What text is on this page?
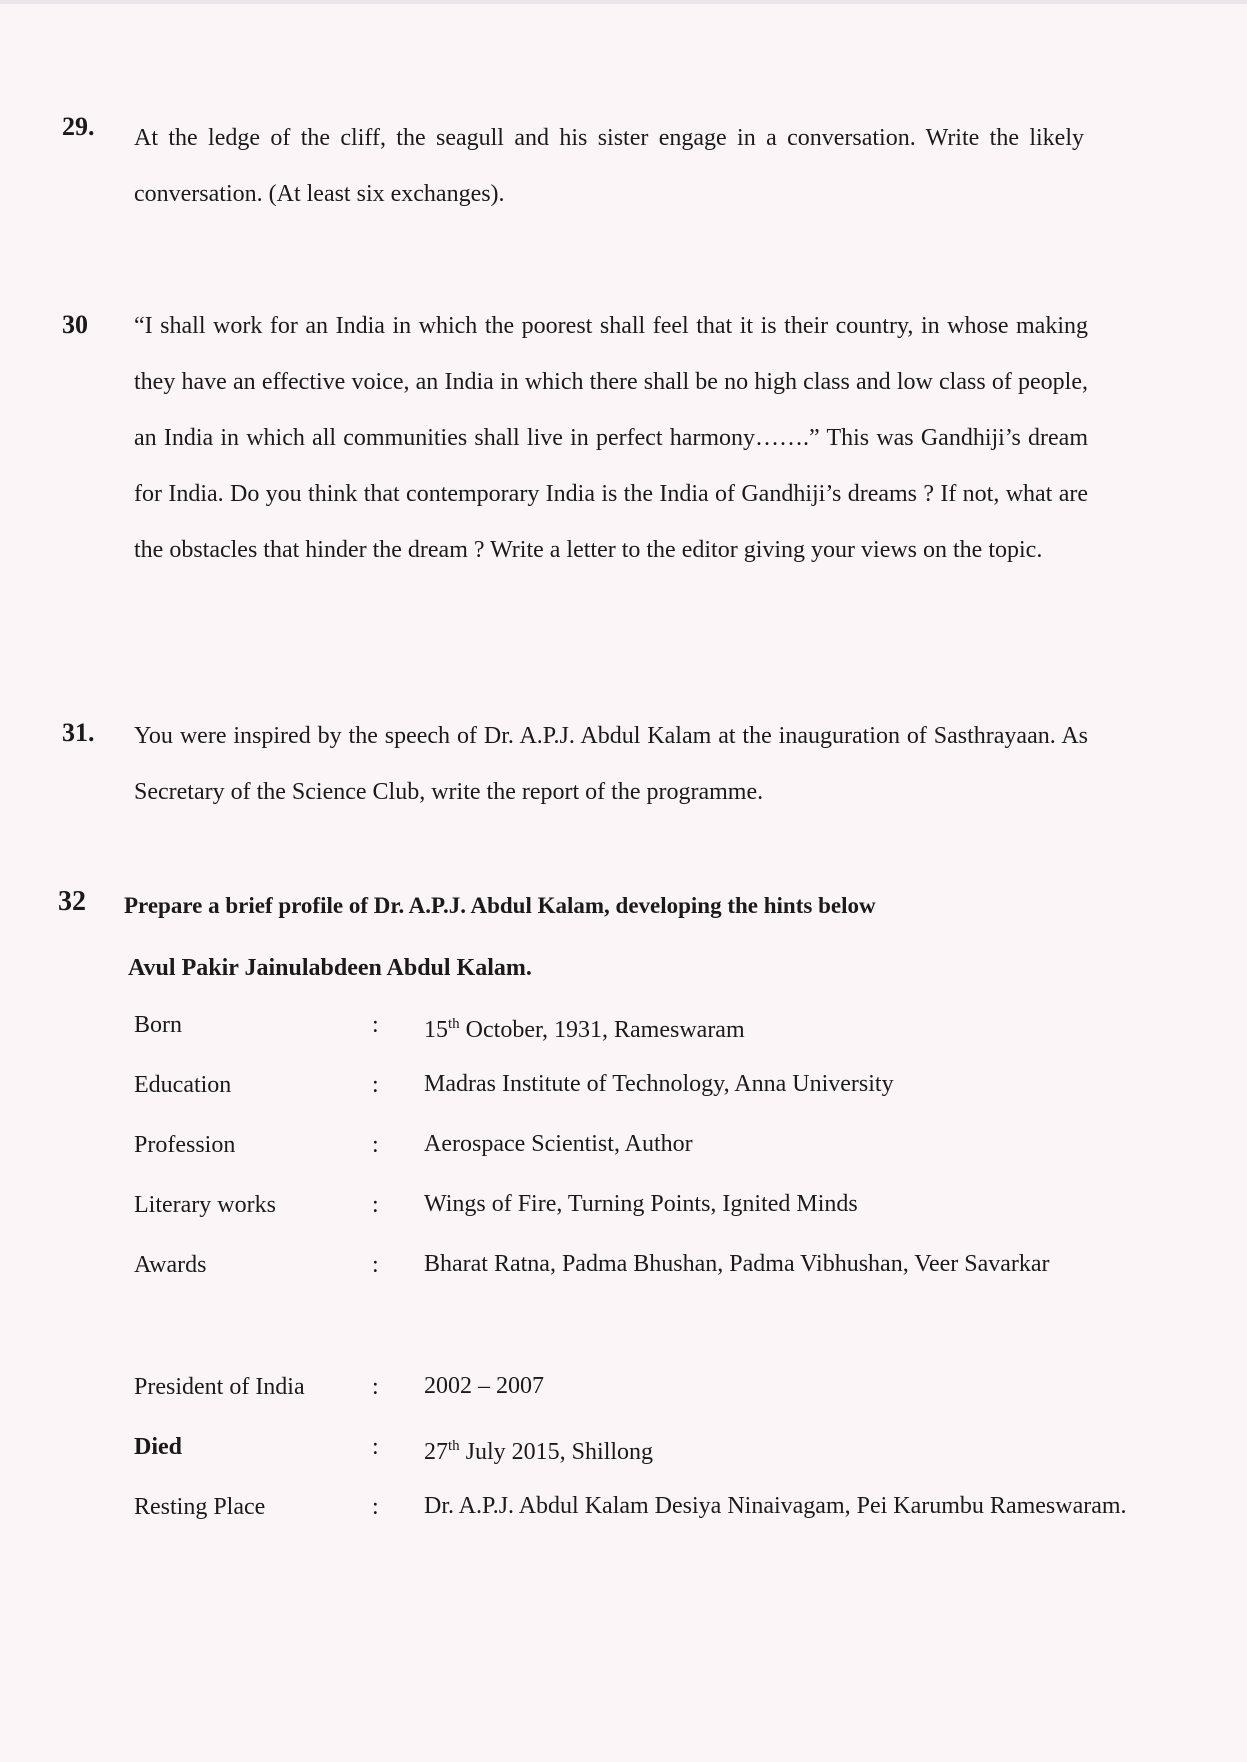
29. At the ledge of the cliff, the seagull and his sister engage in a conversation. Write the likely conversation. (At least six exchanges).
30 “I shall work for an India in which the poorest shall feel that it is their country, in whose making they have an effective voice, an India in which there shall be no high class and low class of people, an India in which all communities shall live in perfect harmony…….” This was Gandhiji’s dream for India. Do you think that contemporary India is the India of Gandhiji’s dreams ? If not, what are the obstacles that hinder the dream ? Write a letter to the editor giving your views on the topic.
31. You were inspired by the speech of Dr. A.P.J. Abdul Kalam at the inauguration of Sasthrayaan. As Secretary of the Science Club, write the report of the programme.
32 Prepare a brief profile of Dr. A.P.J. Abdul Kalam, developing the hints below
Avul Pakir Jainulabdeen Abdul Kalam.
Born	: 15th October, 1931, Rameswaram
Education	: Madras Institute of Technology, Anna University
Profession	: Aerospace Scientist, Author
Literary works	: Wings of Fire, Turning Points, Ignited Minds
Awards	: Bharat Ratna, Padma Bhushan, Padma Vibhushan, Veer Savarkar
President of India	: 2002 – 2007
Died	: 27th July 2015, Shillong
Resting Place	: Dr. A.P.J. Abdul Kalam Desiya Ninaivagam, Pei Karumbu Rameswaram.
